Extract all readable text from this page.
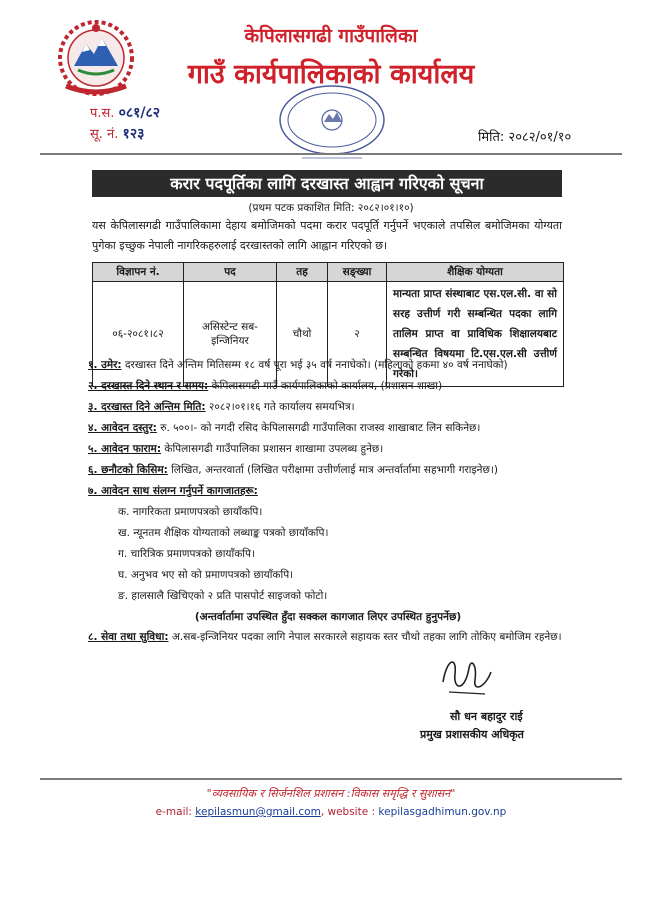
केपिलासगढी गाउँपालिका
गाउँ कार्यपालिकाको कार्यालय
प.स. ०८१/८२
सू. नं. १२३	मिति: २०८२/०१/१०
करार पदपूर्तिका लागि दरखास्त आह्वान गरिएको सूचना
(प्रथम पटक प्रकाशित मिति: २०८२।०१।१०)
यस केपिलासगढी गाउँपालिकामा देहाय बमोजिमको पदमा करार पदपूर्ति गर्नुपर्ने भएकाले तपसिल बमोजिमका योग्यता पुगेका इच्छुक नेपाली नागरिकहरुलाई दरखास्तको लागि आह्वान गरिएको छ।
विज्ञापन नं.	पद	तह	सङ्ख्या	शैक्षिक योग्यता
०६-२०८१।८२	असिस्टेन्ट सब-इन्जिनियर	चौथो	२	मान्यता प्राप्त संस्थाबाट एस.एल.सी. वा सो सरह उत्तीर्ण गरी सम्बन्धित पदका लागि तालिम प्राप्त वा प्राविधिक शिक्षालयबाट सम्बन्धित विषयमा टि.एस.एल.सी उत्तीर्ण गरेको।
१. उमेर: दरखास्त दिने अन्तिम मितिसम्म १८ वर्ष पूरा भई ३५ वर्ष ननाघेको। (महिलाको हकमा ४० वर्ष ननाघेको)
२. दरखास्त दिने स्थान र समय: केपिलासगढी गाउँ कार्यपालिकाको कार्यालय, (प्रशासन शाखा)
३. दरखास्त दिने अन्तिम मिति: २०८२।०१।१६ गते कार्यालय समयभित्र।
४. आवेदन दस्तुर: रु. ५००।- को नगदी रसिद केपिलासगढी गाउँपालिका राजस्व शाखाबाट लिन सकिनेछ।
५. आवेदन फाराम: केपिलासगढी गाउँपालिका प्रशासन शाखामा उपलब्ध हुनेछ।
६. छनौटको किसिम: लिखित, अन्तरवार्ता (लिखित परीक्षामा उत्तीर्णलाई मात्र अन्तर्वार्तामा सहभागी गराइनेछ।)
७. आवेदन साथ संलग्न गर्नुपर्ने कागजातहरू:
क. नागरिकता प्रमाणपत्रको छायाँकपि।
ख. न्यूनतम शैक्षिक योग्यताको लब्धाङ्क पत्रको छायाँकपि।
ग. चारित्रिक प्रमाणपत्रको छायाँकपि।
घ. अनुभव भए सो को प्रमाणपत्रको छायाँकपि।
ङ. हालसालै खिचिएको २ प्रति पासपोर्ट साइजको फोटो।
(अन्तर्वार्तामा उपस्थित हुँदा सक्कल कागजात लिएर उपस्थित हुनुपर्नेछ)
८. सेवा तथा सुविधा: अ.सब-इन्जिनियर पदका लागि नेपाल सरकारले सहायक स्तर चौथो तहका लागि तोकिए बमोजिम रहनेछ।
सौ धन बहादुर राई
प्रमुख प्रशासकीय अधिकृत
"व्यवसायिक र सिर्जनशिल प्रशासन :विकास समृद्धि र सुशासन"
e-mail: kepilasmun@gmail.com, website : kepilasgadhimun.gov.np
